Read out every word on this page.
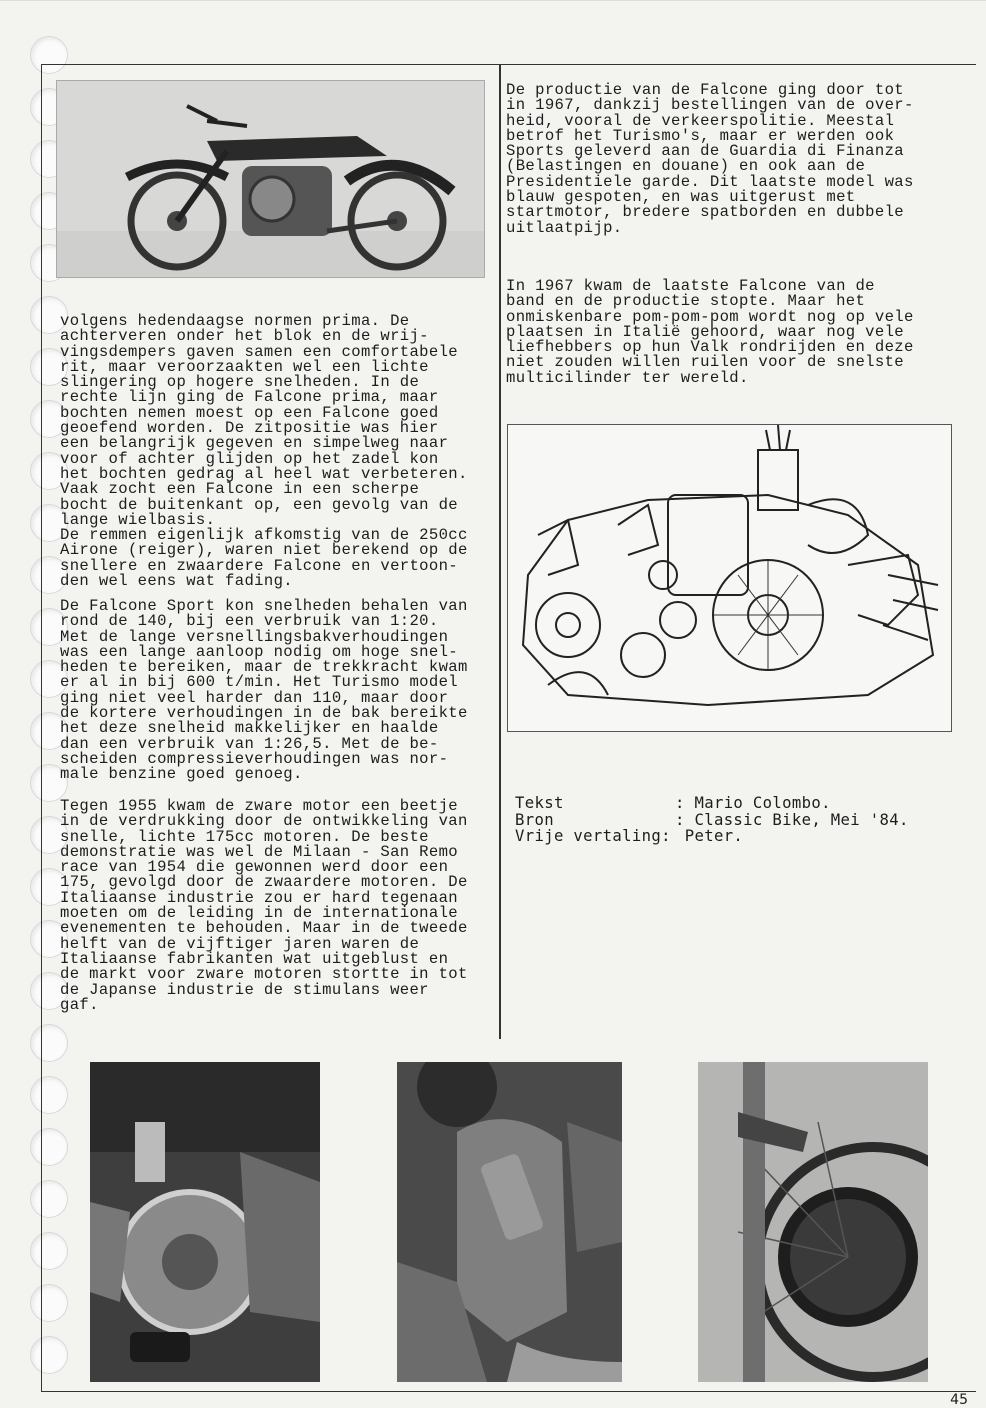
volgens hedendaagse normen prima. De
achterveren onder het blok en de wrij-
vingsdempers gaven samen een comfortabele
rit, maar veroorzaakten wel een lichte
slingering op hogere snelheden. In de
rechte lijn ging de Falcone prima, maar
bochten nemen moest op een Falcone goed
geoefend worden. De zitpositie was hier
een belangrijk gegeven en simpelweg naar
voor of achter glijden op het zadel kon
het bochten gedrag al heel wat verbeteren.
Vaak zocht een Falcone in een scherpe
bocht de buitenkant op, een gevolg van de
lange wielbasis.
De remmen eigenlijk afkomstig van de 250cc
Airone (reiger), waren niet berekend op de
snellere en zwaardere Falcone en vertoon-
den wel eens wat fading.
De Falcone Sport kon snelheden behalen van
rond de 140, bij een verbruik van 1:20.
Met de lange versnellingsbakverhoudingen
was een lange aanloop nodig om hoge snel-
heden te bereiken, maar de trekkracht kwam
er al in bij 600 t/min. Het Turismo model
ging niet veel harder dan 110, maar door
de kortere verhoudingen in de bak bereikte
het deze snelheid makkelijker en haalde
dan een verbruik van 1:26,5. Met de be-
scheiden compressieverhoudingen was nor-
male benzine goed genoeg.
Tegen 1955 kwam de zware motor een beetje
in de verdrukking door de ontwikkeling van
snelle, lichte 175cc motoren. De beste
demonstratie was wel de Milaan - San Remo
race van 1954 die gewonnen werd door een
175, gevolgd door de zwaardere motoren. De
Italiaanse industrie zou er hard tegenaan
moeten om de leiding in de internationale
evenementen te behouden. Maar in de tweede
helft van de vijftiger jaren waren de
Italiaanse fabrikanten wat uitgeblust en
de markt voor zware motoren stortte in tot
de Japanse industrie de stimulans weer
gaf.
De productie van de Falcone ging door tot
in 1967, dankzij bestellingen van de over-
heid, vooral de verkeerspolitie. Meestal
betrof het Turismo's, maar er werden ook
Sports geleverd aan de Guardia di Finanza
(Belastingen en douane) en ook aan de
Presidentiele garde. Dit laatste model was
blauw gespoten, en was uitgerust met
startmotor, bredere spatborden en dubbele
uitlaatpijp.
In 1967 kwam de laatste Falcone van de
band en de productie stopte. Maar het
onmiskenbare pom-pom-pom wordt nog op vele
plaatsen in Italië gehoord, waar nog vele
liefhebbers op hun Valk rondrijden en deze
niet zouden willen ruilen voor de snelste
multicilinder ter wereld.
Tekst	: Mario Colombo.
Bron	: Classic Bike, Mei '84.
Vrije vertaling: Peter.
45
